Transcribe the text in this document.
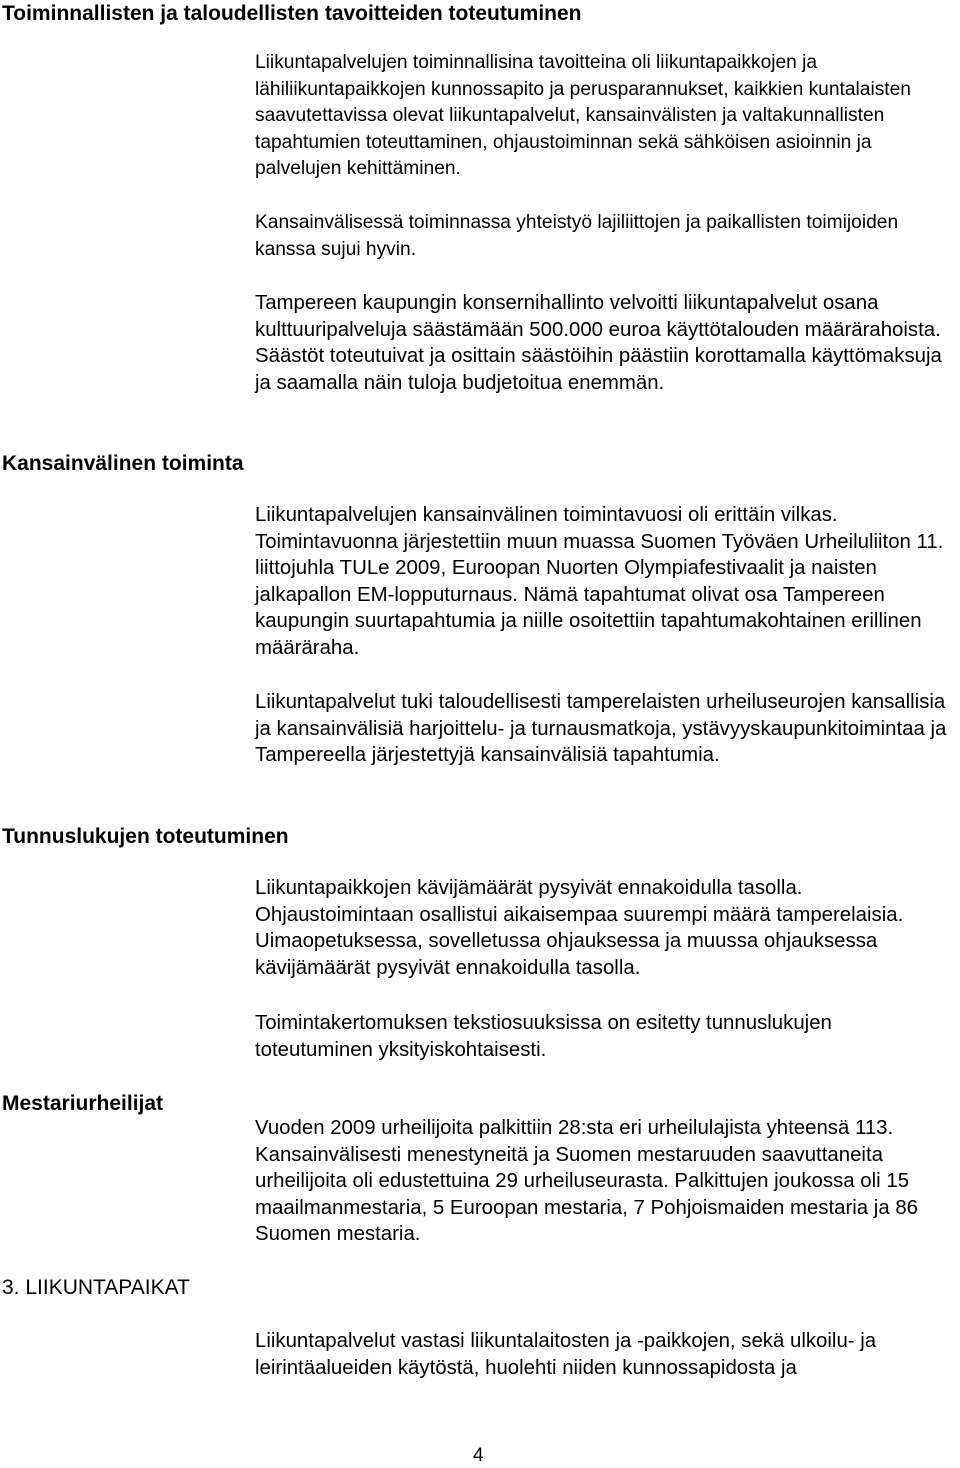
Toiminnallisten ja taloudellisten tavoitteiden toteutuminen

Liikuntapalvelujen toiminnallisina tavoitteina oli liikuntapaikkojen ja lähiliikuntapaikkojen kunnossapito ja perusparannukset, kaikkien kuntalaisten saavutettavissa olevat liikuntapalvelut, kansainvälisten ja valtakunnallisten tapahtumien toteuttaminen, ohjaustoiminnan sekä sähköisen asioinnin ja palvelujen kehittäminen.

Kansainvälisessä toiminnassa yhteistyö lajiliittojen ja paikallisten toimijoiden kanssa sujui hyvin.

Tampereen kaupungin konsernihallinto velvoitti liikuntapalvelut osana kulttuuripalveluja säästämään 500.000 euroa käyttötalouden määrärahoista. Säästöt toteutuivat ja osittain säästöihin päästiin korottamalla käyttömaksuja ja saamalla näin tuloja budjetoitua enemmän.

Kansainvälinen toiminta

Liikuntapalvelujen kansainvälinen toimintavuosi oli erittäin vilkas. Toimintavuonna järjestettiin muun muassa Suomen Työväen Urheiluliiton 11. liittojuhla TULe 2009, Euroopan Nuorten Olympiafestivaalit ja naisten jalkapallon EM-lopputurnaus. Nämä tapahtumat olivat osa Tampereen kaupungin suurtapahtumia ja niille osoitettiin tapahtumakohtainen erillinen määräraha.

Liikuntapalvelut tuki taloudellisesti tamperelaisten urheiluseurojen kansallisia ja kansainvälisiä harjoittelu- ja turnausmatkoja, ystävyyskaupunkitoimintaa ja Tampereella järjestettyjä kansainvälisiä tapahtumia.

Tunnuslukujen toteutuminen

Liikuntapaikkojen kävijämäärät pysyivät ennakoidulla tasolla. Ohjaustoimintaan osallistui aikaisempaa suurempi määrä tamperelaisia. Uimaopetuksessa, sovelletussa ohjauksessa ja muussa ohjauksessa kävijämäärät pysyivät ennakoidulla tasolla.

Toimintakertomuksen tekstiosuuksissa on esitetty tunnuslukujen toteutuminen yksityiskohtaisesti.

Mestariurheilijat

Vuoden 2009 urheilijoita palkittiin 28:sta eri urheilulajista yhteensä 113. Kansainvälisesti menestyneitä ja Suomen mestaruuden saavuttaneita urheilijoita oli edustettuina 29 urheiluseurasta. Palkittujen joukossa oli 15 maailmanmestaria, 5 Euroopan mestaria, 7 Pohjoismaiden mestaria ja 86 Suomen mestaria.

3. LIIKUNTAPAIKAT

Liikuntapalvelut vastasi liikuntalaitosten ja -paikkojen, sekä ulkoilu- ja leirintäalueiden käytöstä, huolehti niiden kunnossapidosta ja

4
